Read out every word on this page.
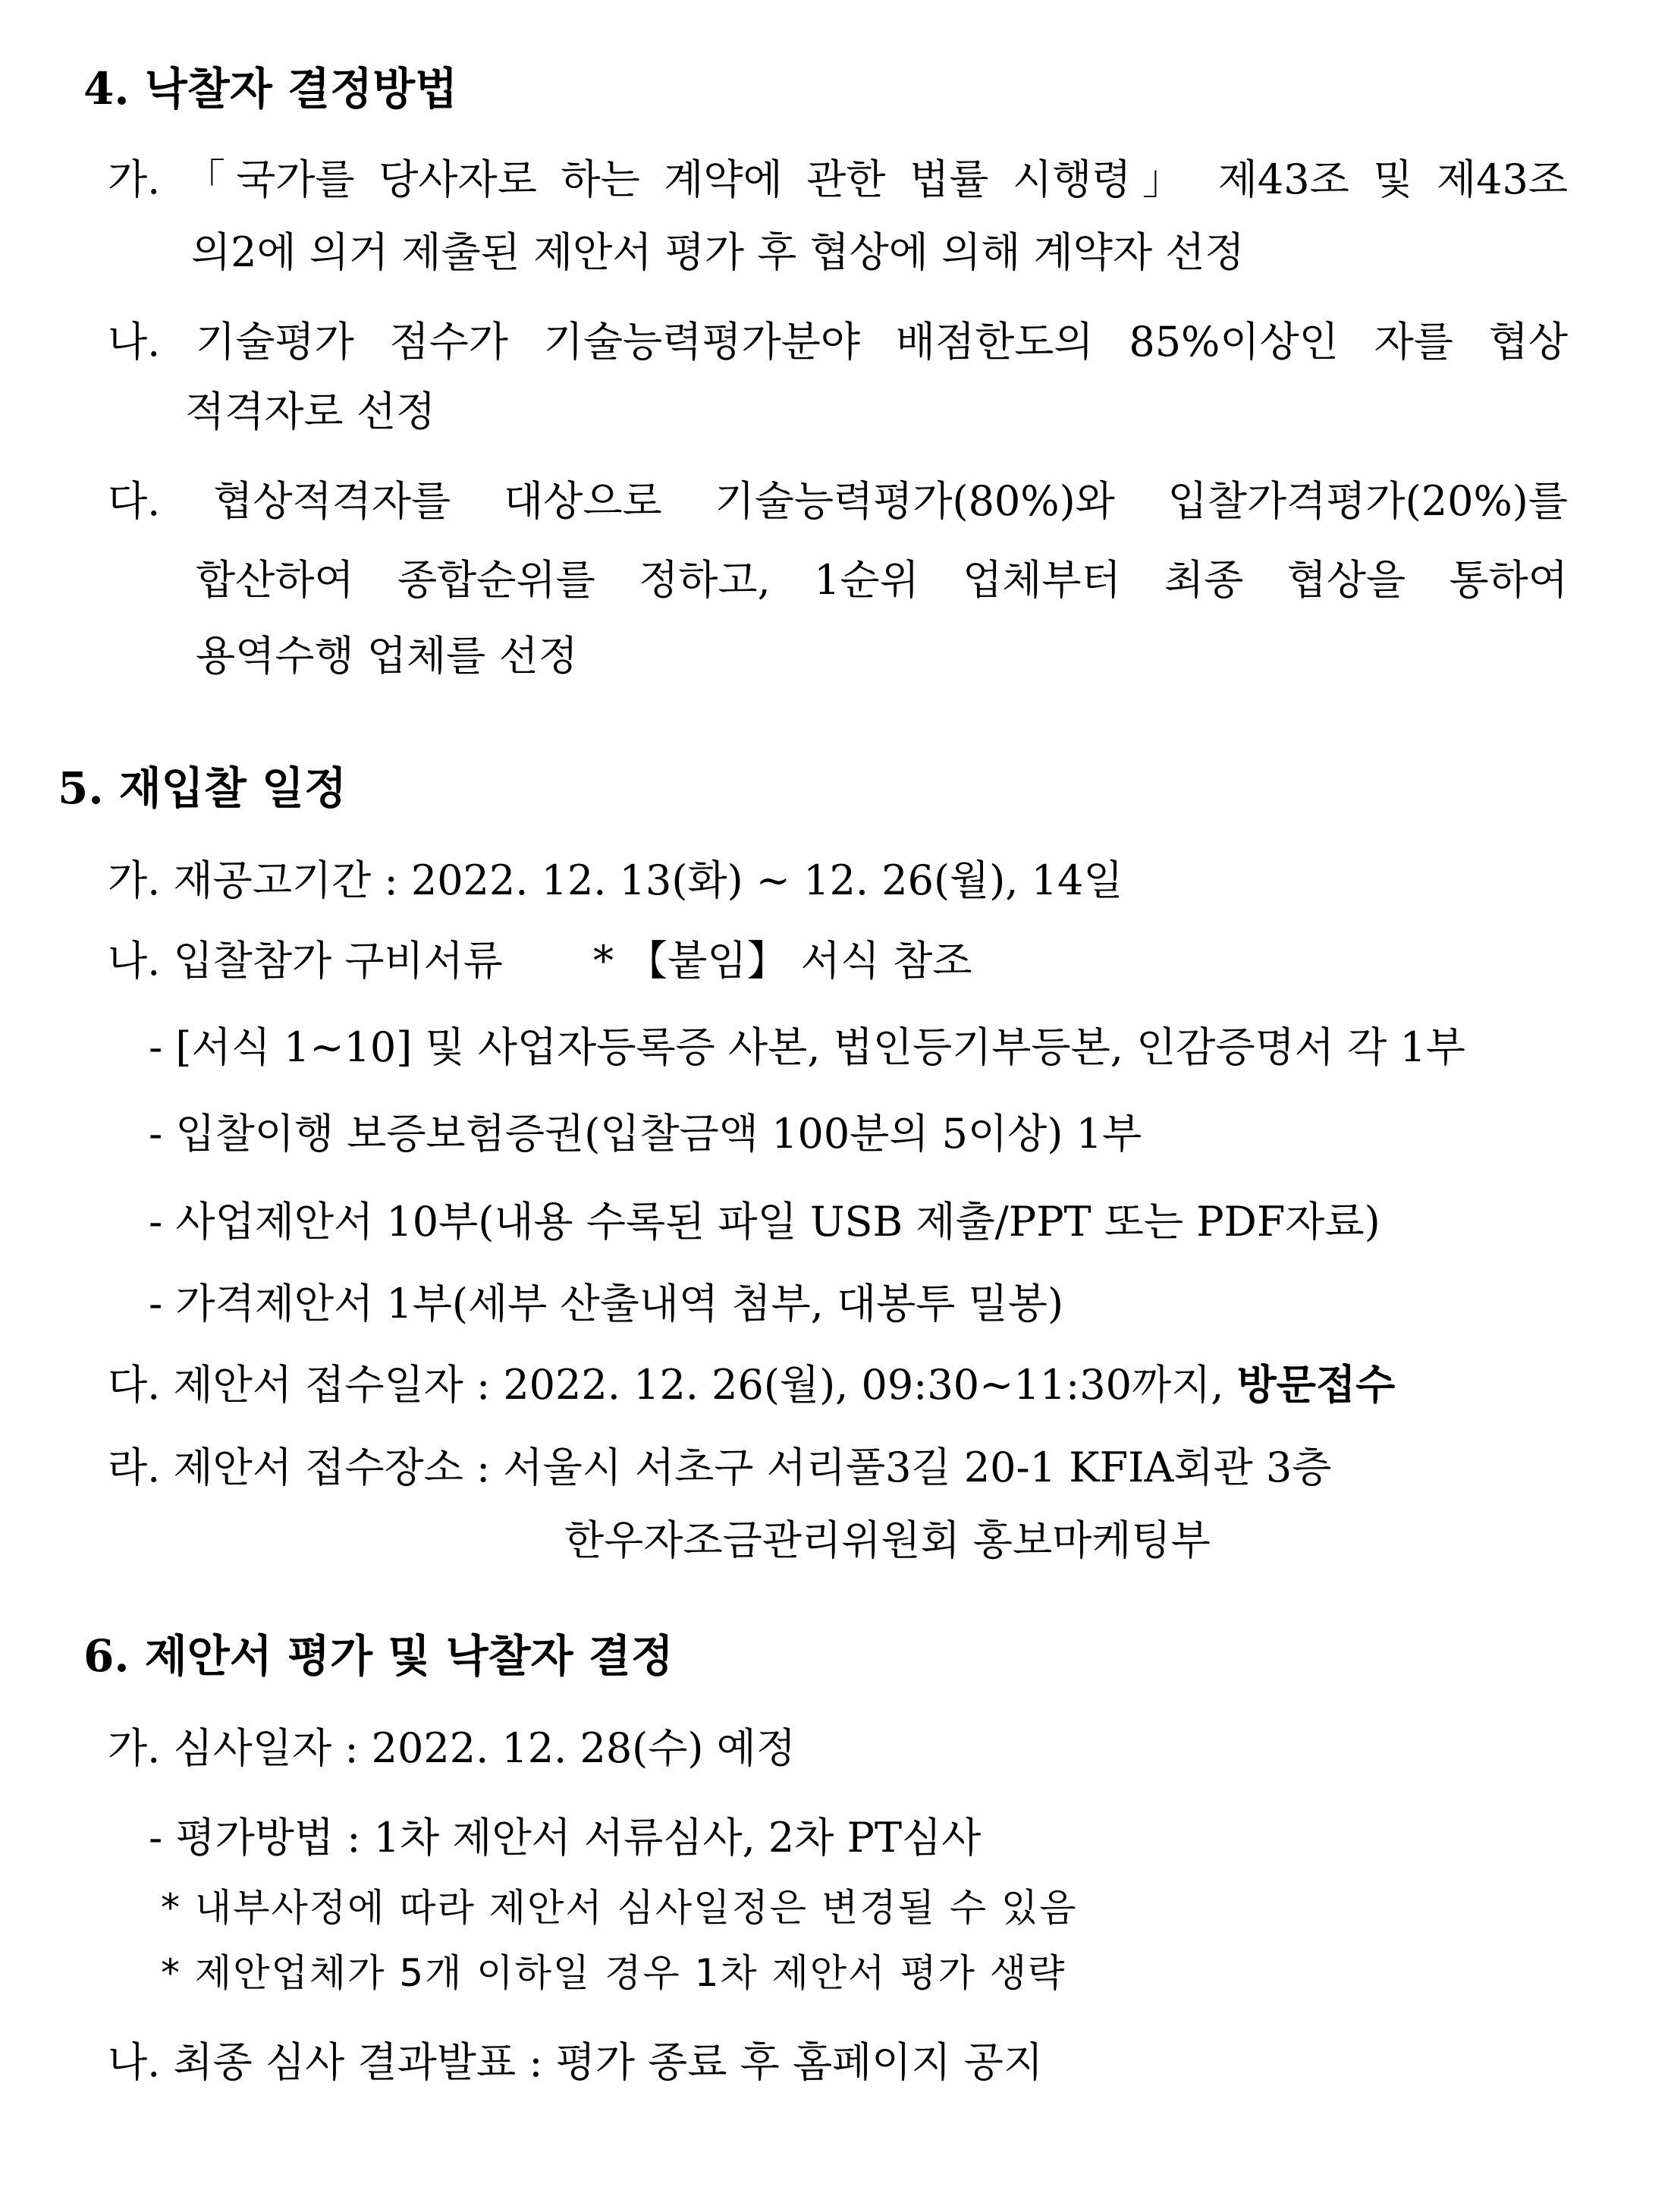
4. 낙찰자 결정방법
가. 「국가를 당사자로 하는 계약에 관한 법률 시행령」 제43조 및 제43조
의2에 의거 제출된 제안서 평가 후 협상에 의해 계약자 선정
나. 기술평가 점수가 기술능력평가분야 배점한도의 85%이상인 자를 협상
적격자로 선정
다. 협상적격자를 대상으로 기술능력평가(80%)와 입찰가격평가(20%)를
합산하여 종합순위를 정하고, 1순위 업체부터 최종 협상을 통하여
용역수행 업체를 선정
5. 재입찰 일정
가. 재공고기간 : 2022. 12. 13(화) ~ 12. 26(월), 14일
나. 입찰참가 구비서류 * 【붙임】 서식 참조
- [서식 1~10] 및 사업자등록증 사본, 법인등기부등본, 인감증명서 각 1부
- 입찰이행 보증보험증권(입찰금액 100분의 5이상) 1부
- 사업제안서 10부(내용 수록된 파일 USB 제출/PPT 또는 PDF자료)
- 가격제안서 1부(세부 산출내역 첨부, 대봉투 밀봉)
다. 제안서 접수일자 : 2022. 12. 26(월), 09:30~11:30까지, 방문접수
라. 제안서 접수장소 : 서울시 서초구 서리풀3길 20-1 KFIA회관 3층
한우자조금관리위원회 홍보마케팅부
6. 제안서 평가 및 낙찰자 결정
가. 심사일자 : 2022. 12. 28(수) 예정
- 평가방법 : 1차 제안서 서류심사, 2차 PT심사
* 내부사정에 따라 제안서 심사일정은 변경될 수 있음
* 제안업체가 5개 이하일 경우 1차 제안서 평가 생략
나. 최종 심사 결과발표 : 평가 종료 후 홈페이지 공지
